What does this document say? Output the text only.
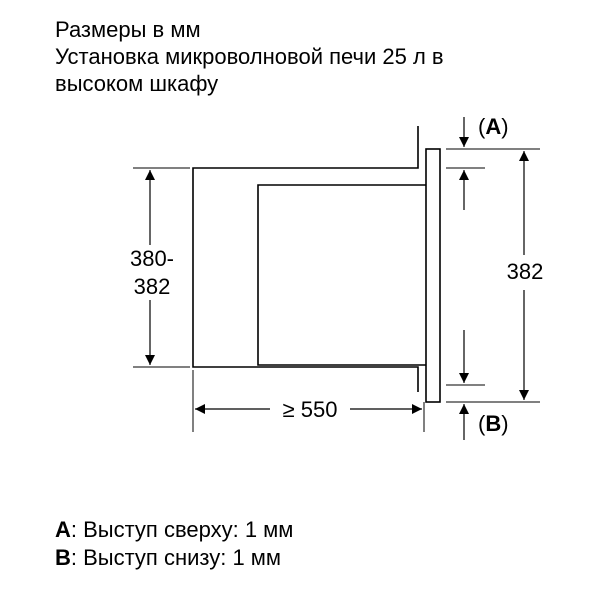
Размеры в мм
Установка микроволновой печи 25 л в
высоком шкафу
380-
382
≥ 550
382
(A)
(B)
A: Выступ сверху: 1 мм
B: Выступ снизу: 1 мм
